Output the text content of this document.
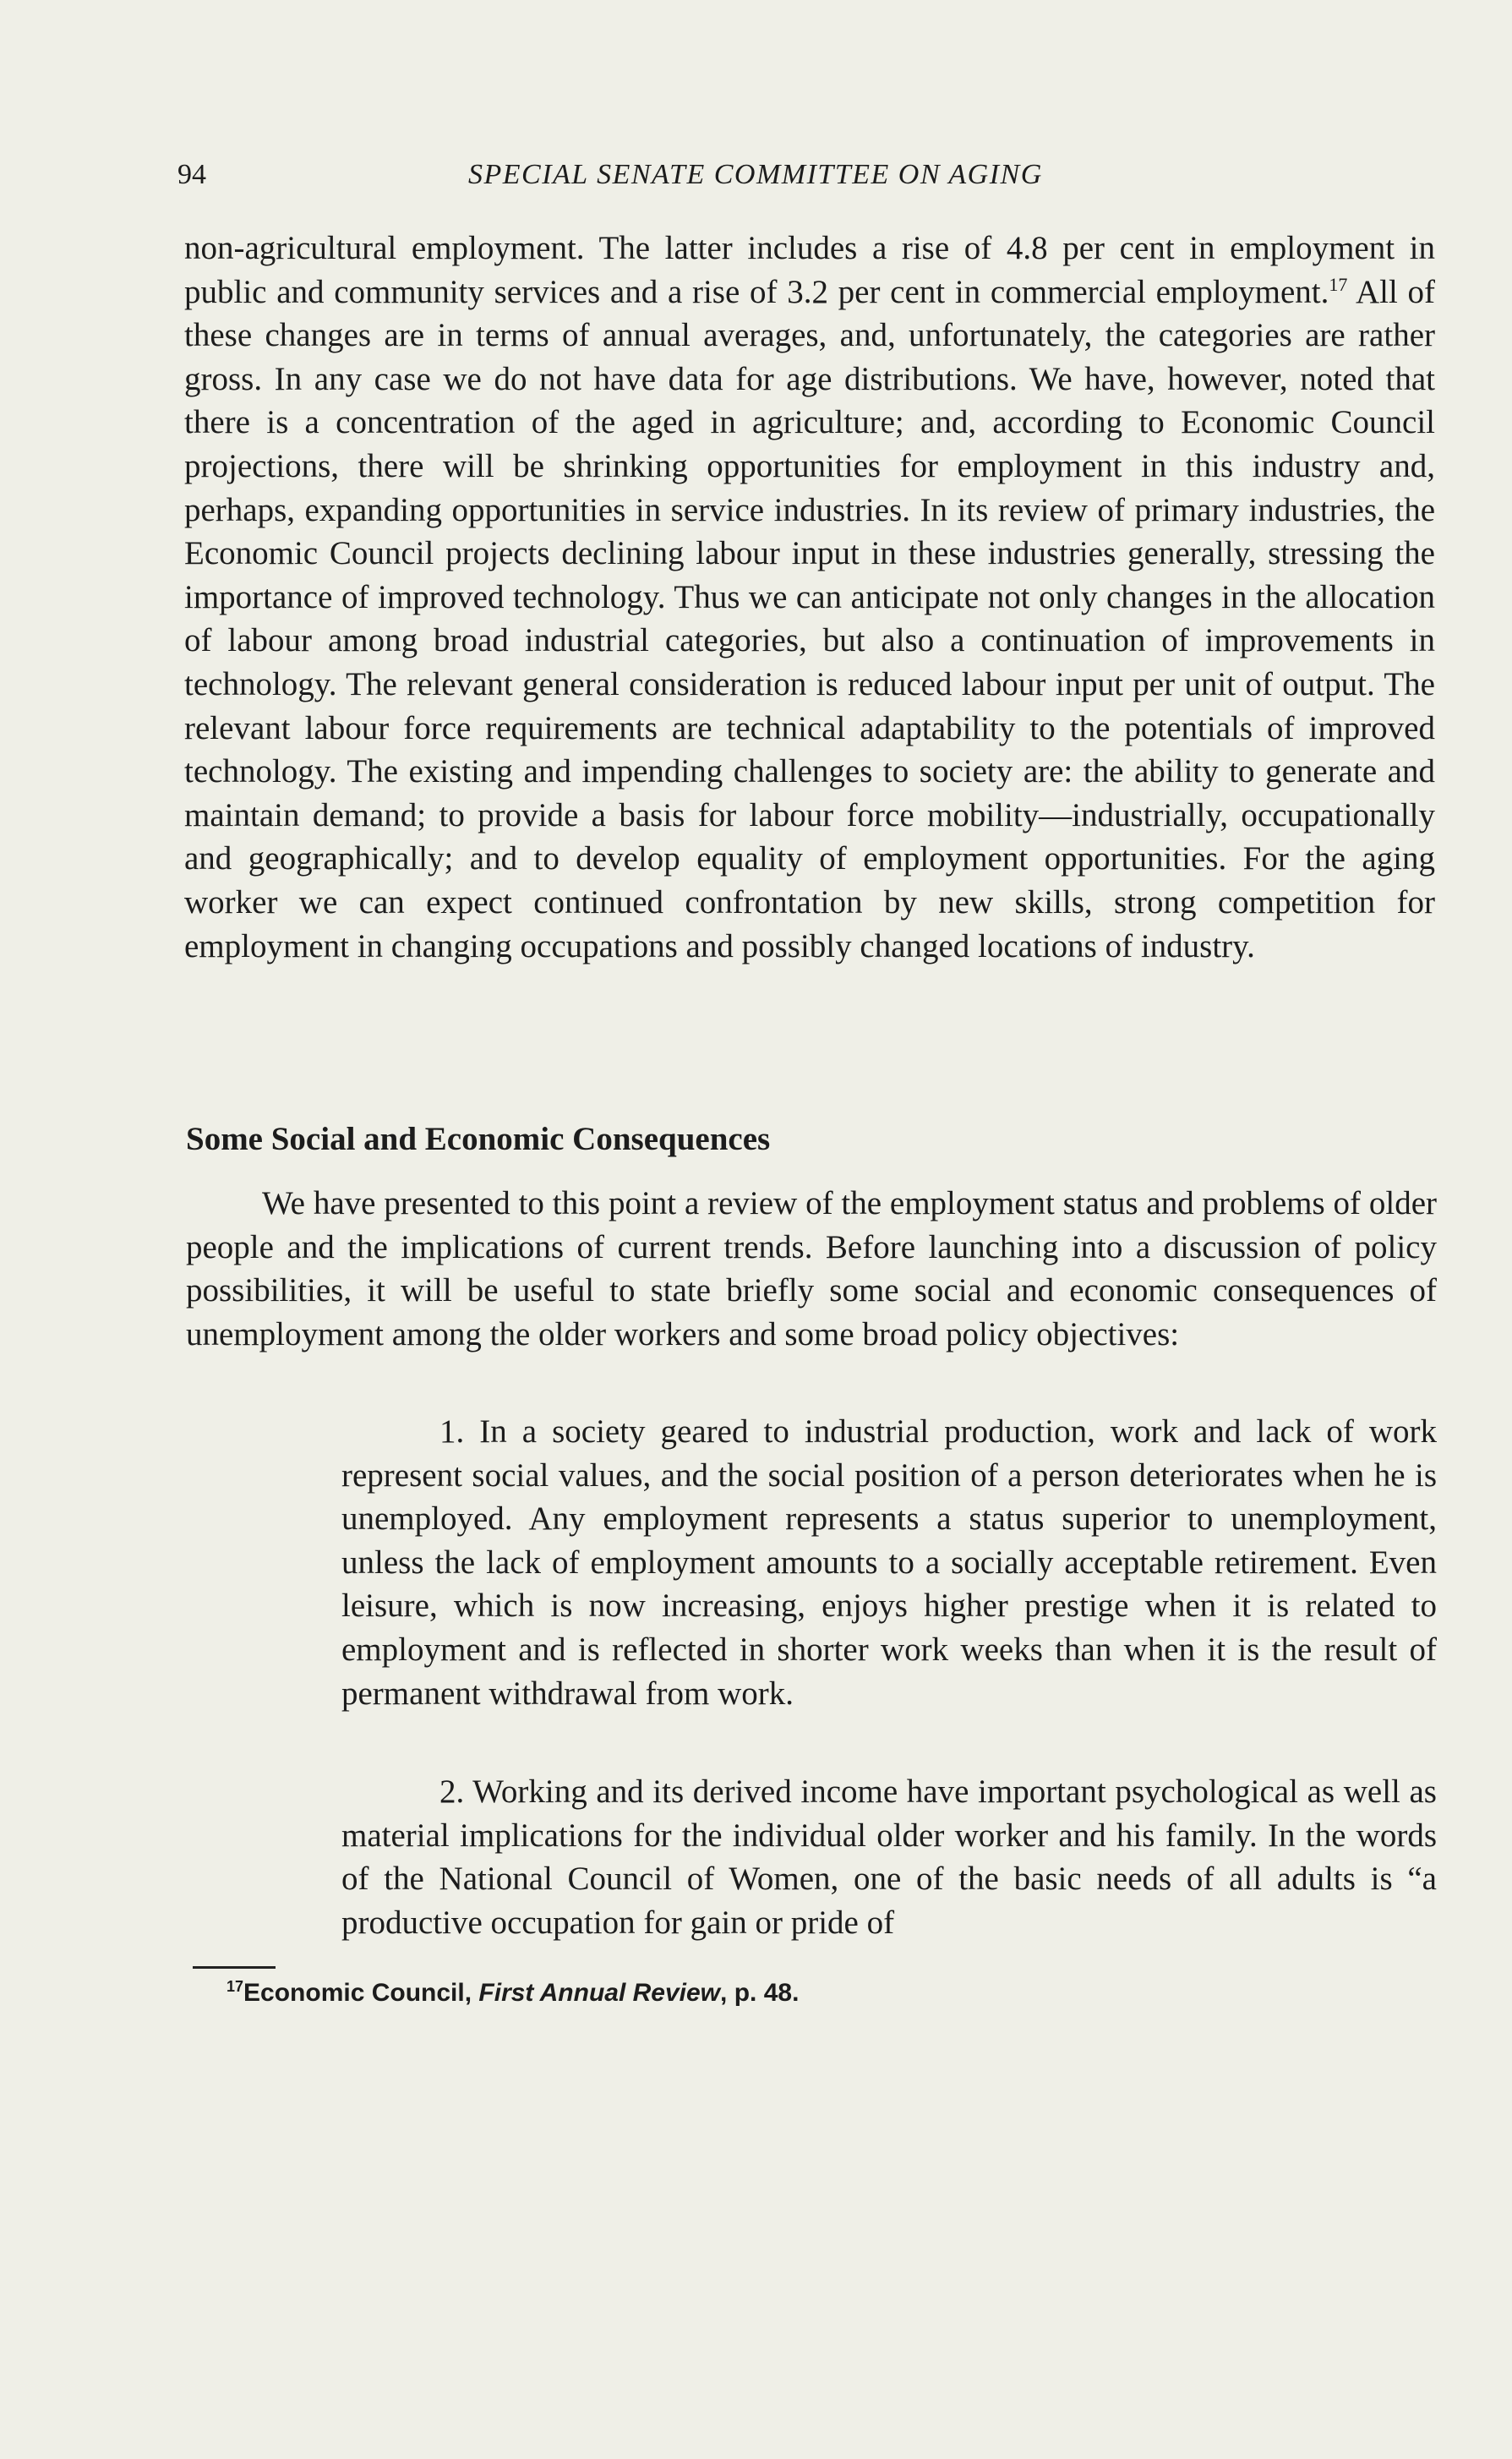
94	SPECIAL SENATE COMMITTEE ON AGING

non-agricultural employment. The latter includes a rise of 4.8 per cent in employment in public and community services and a rise of 3.2 per cent in commercial employment.$^{17}$ All of these changes are in terms of annual averages, and, unfortunately, the categories are rather gross. In any case we do not have data for age distributions. We have, however, noted that there is a concentration of the aged in agriculture; and, according to Economic Council projections, there will be shrinking opportunities for employment in this industry and, perhaps, expanding opportunities in service industries. In its review of primary industries, the Economic Council projects declining labour input in these industries generally, stressing the importance of improved technology. Thus we can anticipate not only changes in the allocation of labour among broad industrial categories, but also a continuation of improvements in technology. The relevant general consideration is reduced labour input per unit of output. The relevant labour force requirements are technical adaptability to the potentials of improved technology. The existing and impending challenges to society are: the ability to generate and maintain demand; to provide a basis for labour force mobility—industrially, occupationally and geographically; and to develop equality of employment opportunities. For the aging worker we can expect continued confrontation by new skills, strong competition for employment in changing occupations and possibly changed locations of industry.

Some Social and Economic Consequences

We have presented to this point a review of the employment status and problems of older people and the implications of current trends. Before launching into a discussion of policy possibilities, it will be useful to state briefly some social and economic consequences of unemployment among the older workers and some broad policy objectives:

1. In a society geared to industrial production, work and lack of work represent social values, and the social position of a person deteriorates when he is unemployed. Any employment represents a status superior to unemployment, unless the lack of employment amounts to a socially acceptable retirement. Even leisure, which is now increasing, enjoys higher prestige when it is related to employment and is reflected in shorter work weeks than when it is the result of permanent withdrawal from work.

2. Working and its derived income have important psychological as well as material implications for the individual older worker and his family. In the words of the National Council of Women, one of the basic needs of all adults is “a productive occupation for gain or pride of

$^{17}$Economic Council, First Annual Review, p. 48.
